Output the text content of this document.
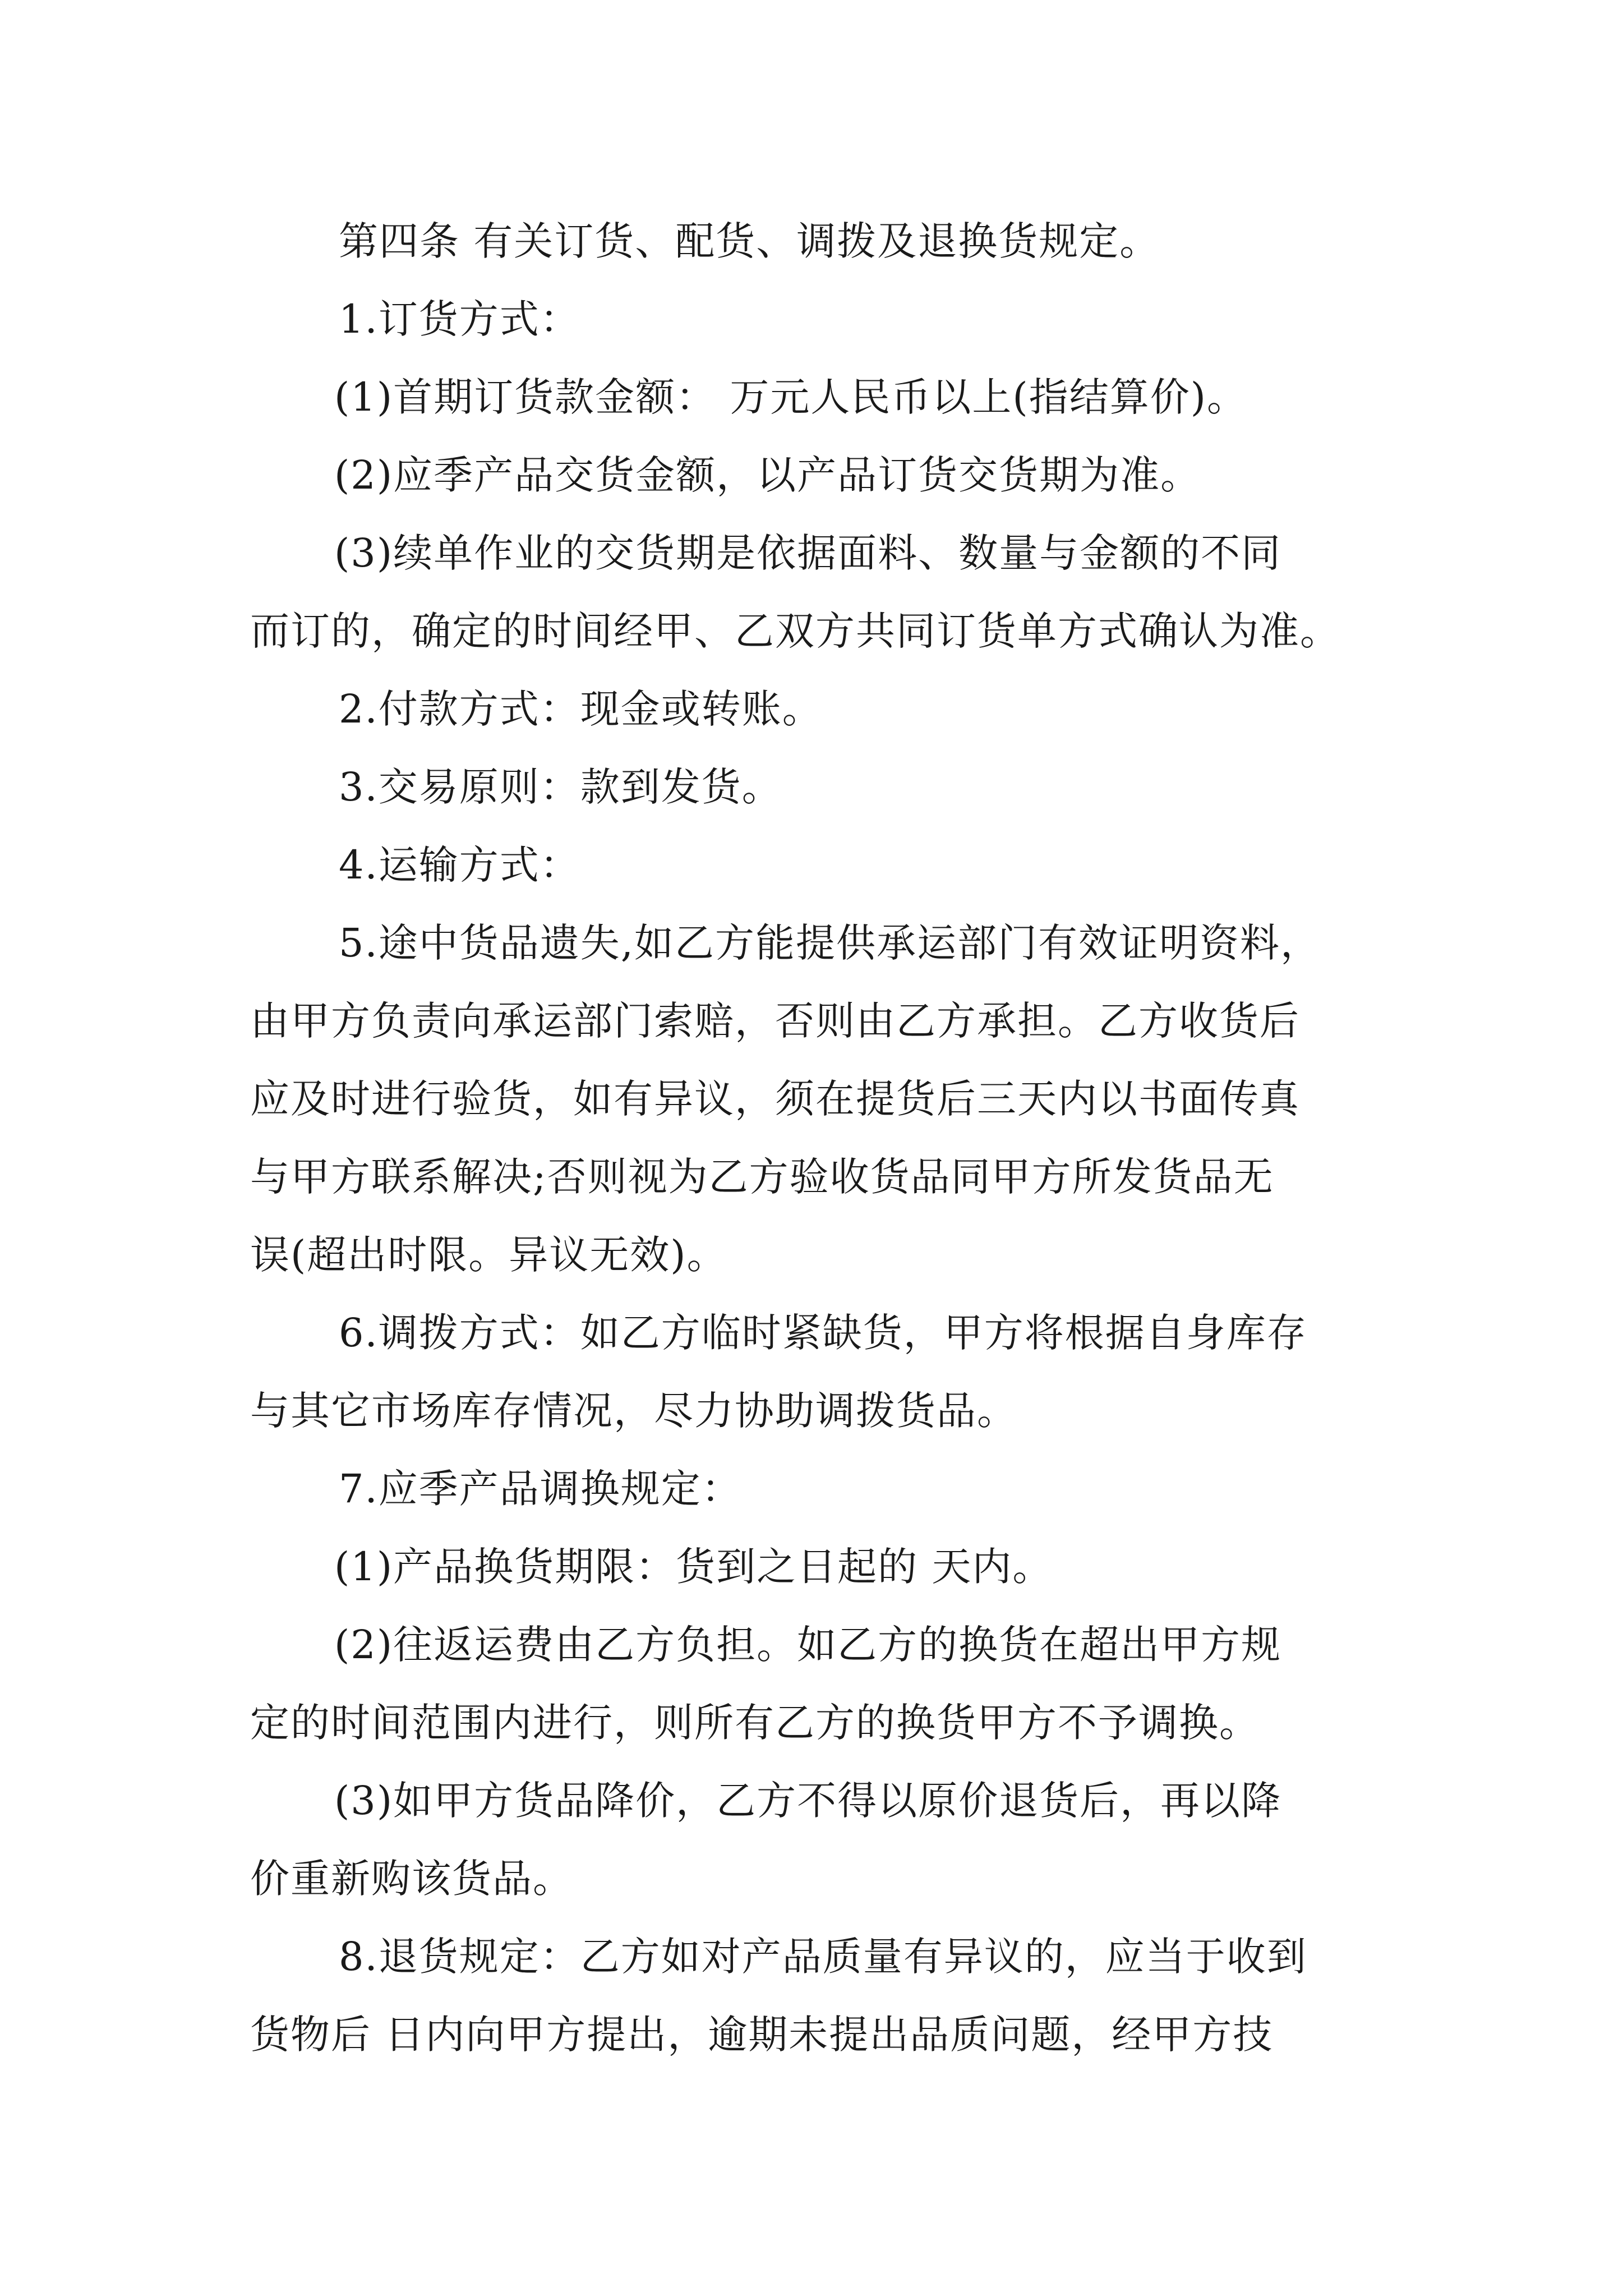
第四条 有关订货、配货、调拨及退换货规定。
1.订货方式：
(1)首期订货款金额： 万元人民币以上(指结算价)。
(2)应季产品交货金额，以产品订货交货期为准。
(3)续单作业的交货期是依据面料、数量与金额的不同
而订的，确定的时间经甲、乙双方共同订货单方式确认为准。
2.付款方式：现金或转账。
3.交易原则：款到发货。
4.运输方式：
5.途中货品遗失,如乙方能提供承运部门有效证明资料，
由甲方负责向承运部门索赔，否则由乙方承担。乙方收货后
应及时进行验货，如有异议，须在提货后三天内以书面传真
与甲方联系解决;否则视为乙方验收货品同甲方所发货品无
误(超出时限。异议无效)。
6.调拨方式：如乙方临时紧缺货，甲方将根据自身库存
与其它市场库存情况，尽力协助调拨货品。
7.应季产品调换规定：
(1)产品换货期限：货到之日起的 天内。
(2)往返运费由乙方负担。如乙方的换货在超出甲方规
定的时间范围内进行，则所有乙方的换货甲方不予调换。
(3)如甲方货品降价，乙方不得以原价退货后，再以降
价重新购该货品。
8.退货规定：乙方如对产品质量有异议的，应当于收到
货物后 日内向甲方提出，逾期未提出品质问题，经甲方技
